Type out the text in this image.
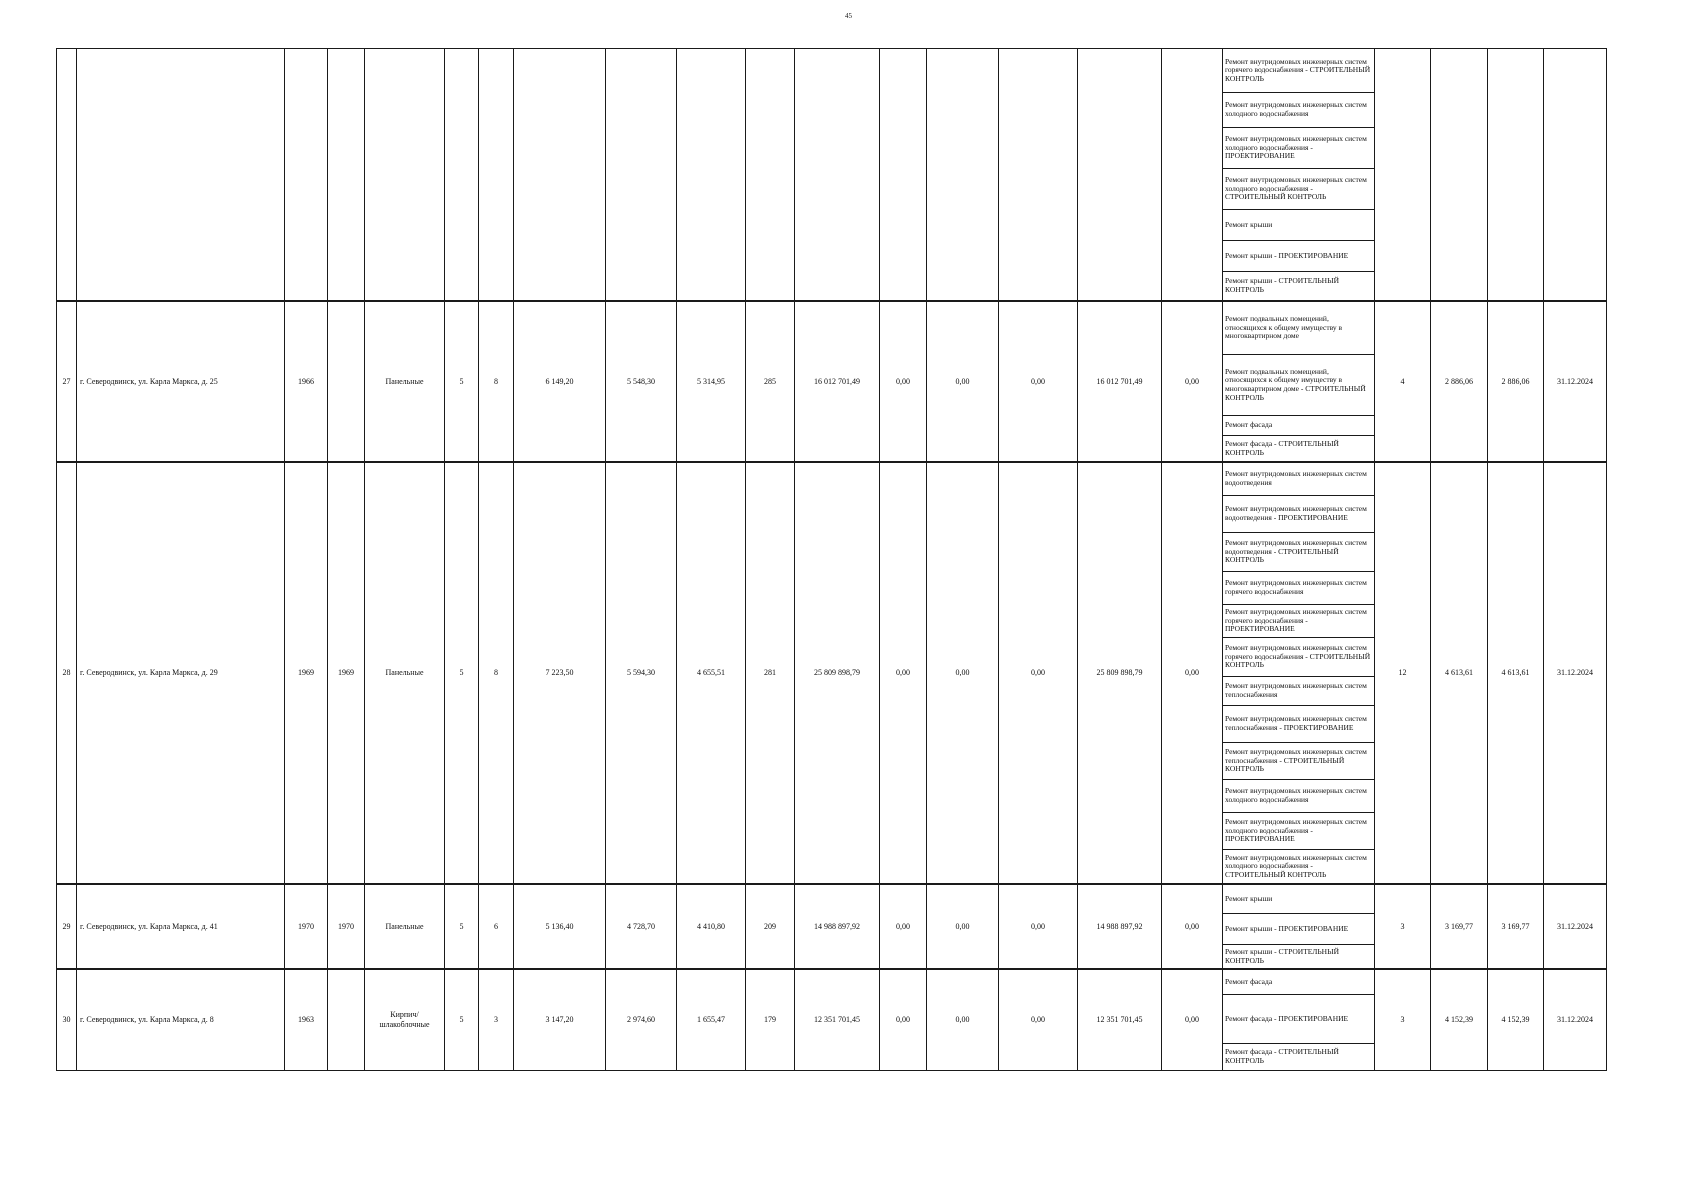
45
																	Ремонт внутридомовых инженерных систем горячего водоснабжения - СТРОИТЕЛЬНЫЙ КОНТРОЛЬ				
																	Ремонт внутридомовых инженерных систем холодного водоснабжения				
																	Ремонт внутридомовых инженерных систем холодного водоснабжения - ПРОЕКТИРОВАНИЕ				
																	Ремонт внутридомовых инженерных систем холодного водоснабжения - СТРОИТЕЛЬНЫЙ КОНТРОЛЬ				
																	Ремонт крыши				
																	Ремонт крыши - ПРОЕКТИРОВАНИЕ				
																	Ремонт крыши - СТРОИТЕЛЬНЫЙ КОНТРОЛЬ				
27	г. Северодвинск, ул. Карла Маркса, д. 25	1966		Панельные	5	8	6 149,20	5 548,30	5 314,95	285	16 012 701,49	0,00	0,00	0,00	16 012 701,49	0,00	Ремонт подвальных помещений, относящихся к общему имуществу в многоквартирном доме	4	2 886,06	2 886,06	31.12.2024
																	Ремонт подвальных помещений, относящихся к общему имуществу в многоквартирном доме - СТРОИТЕЛЬНЫЙ КОНТРОЛЬ				
																	Ремонт фасада				
																	Ремонт фасада - СТРОИТЕЛЬНЫЙ КОНТРОЛЬ				
28	г. Северодвинск, ул. Карла Маркса, д. 29	1969	1969	Панельные	5	8	7 223,50	5 594,30	4 655,51	281	25 809 898,79	0,00	0,00	0,00	25 809 898,79	0,00	Ремонт внутридомовых инженерных систем водоотведения	12	4 613,61	4 613,61	31.12.2024
																	Ремонт внутридомовых инженерных систем водоотведения - ПРОЕКТИРОВАНИЕ				
																	Ремонт внутридомовых инженерных систем водоотведения - СТРОИТЕЛЬНЫЙ КОНТРОЛЬ				
																	Ремонт внутридомовых инженерных систем горячего водоснабжения				
																	Ремонт внутридомовых инженерных систем горячего водоснабжения - ПРОЕКТИРОВАНИЕ				
																	Ремонт внутридомовых инженерных систем горячего водоснабжения - СТРОИТЕЛЬНЫЙ КОНТРОЛЬ				
																	Ремонт внутридомовых инженерных систем теплоснабжения				
																	Ремонт внутридомовых инженерных систем теплоснабжения - ПРОЕКТИРОВАНИЕ				
																	Ремонт внутридомовых инженерных систем теплоснабжения - СТРОИТЕЛЬНЫЙ КОНТРОЛЬ				
																	Ремонт внутридомовых инженерных систем холодного водоснабжения				
																	Ремонт внутридомовых инженерных систем холодного водоснабжения - ПРОЕКТИРОВАНИЕ				
																	Ремонт внутридомовых инженерных систем холодного водоснабжения - СТРОИТЕЛЬНЫЙ КОНТРОЛЬ				
29	г. Северодвинск, ул. Карла Маркса, д. 41	1970	1970	Панельные	5	6	5 136,40	4 728,70	4 410,80	209	14 988 897,92	0,00	0,00	0,00	14 988 897,92	0,00	Ремонт крыши	3	3 169,77	3 169,77	31.12.2024
																	Ремонт крыши - ПРОЕКТИРОВАНИЕ				
																	Ремонт крыши - СТРОИТЕЛЬНЫЙ КОНТРОЛЬ				
30	г. Северодвинск, ул. Карла Маркса, д. 8	1963		Кирпич/ шлакоблочные	5	3	3 147,20	2 974,60	1 655,47	179	12 351 701,45	0,00	0,00	0,00	12 351 701,45	0,00	Ремонт фасада	3	4 152,39	4 152,39	31.12.2024
																	Ремонт фасада - ПРОЕКТИРОВАНИЕ				
																	Ремонт фасада - СТРОИТЕЛЬНЫЙ КОНТРОЛЬ				
